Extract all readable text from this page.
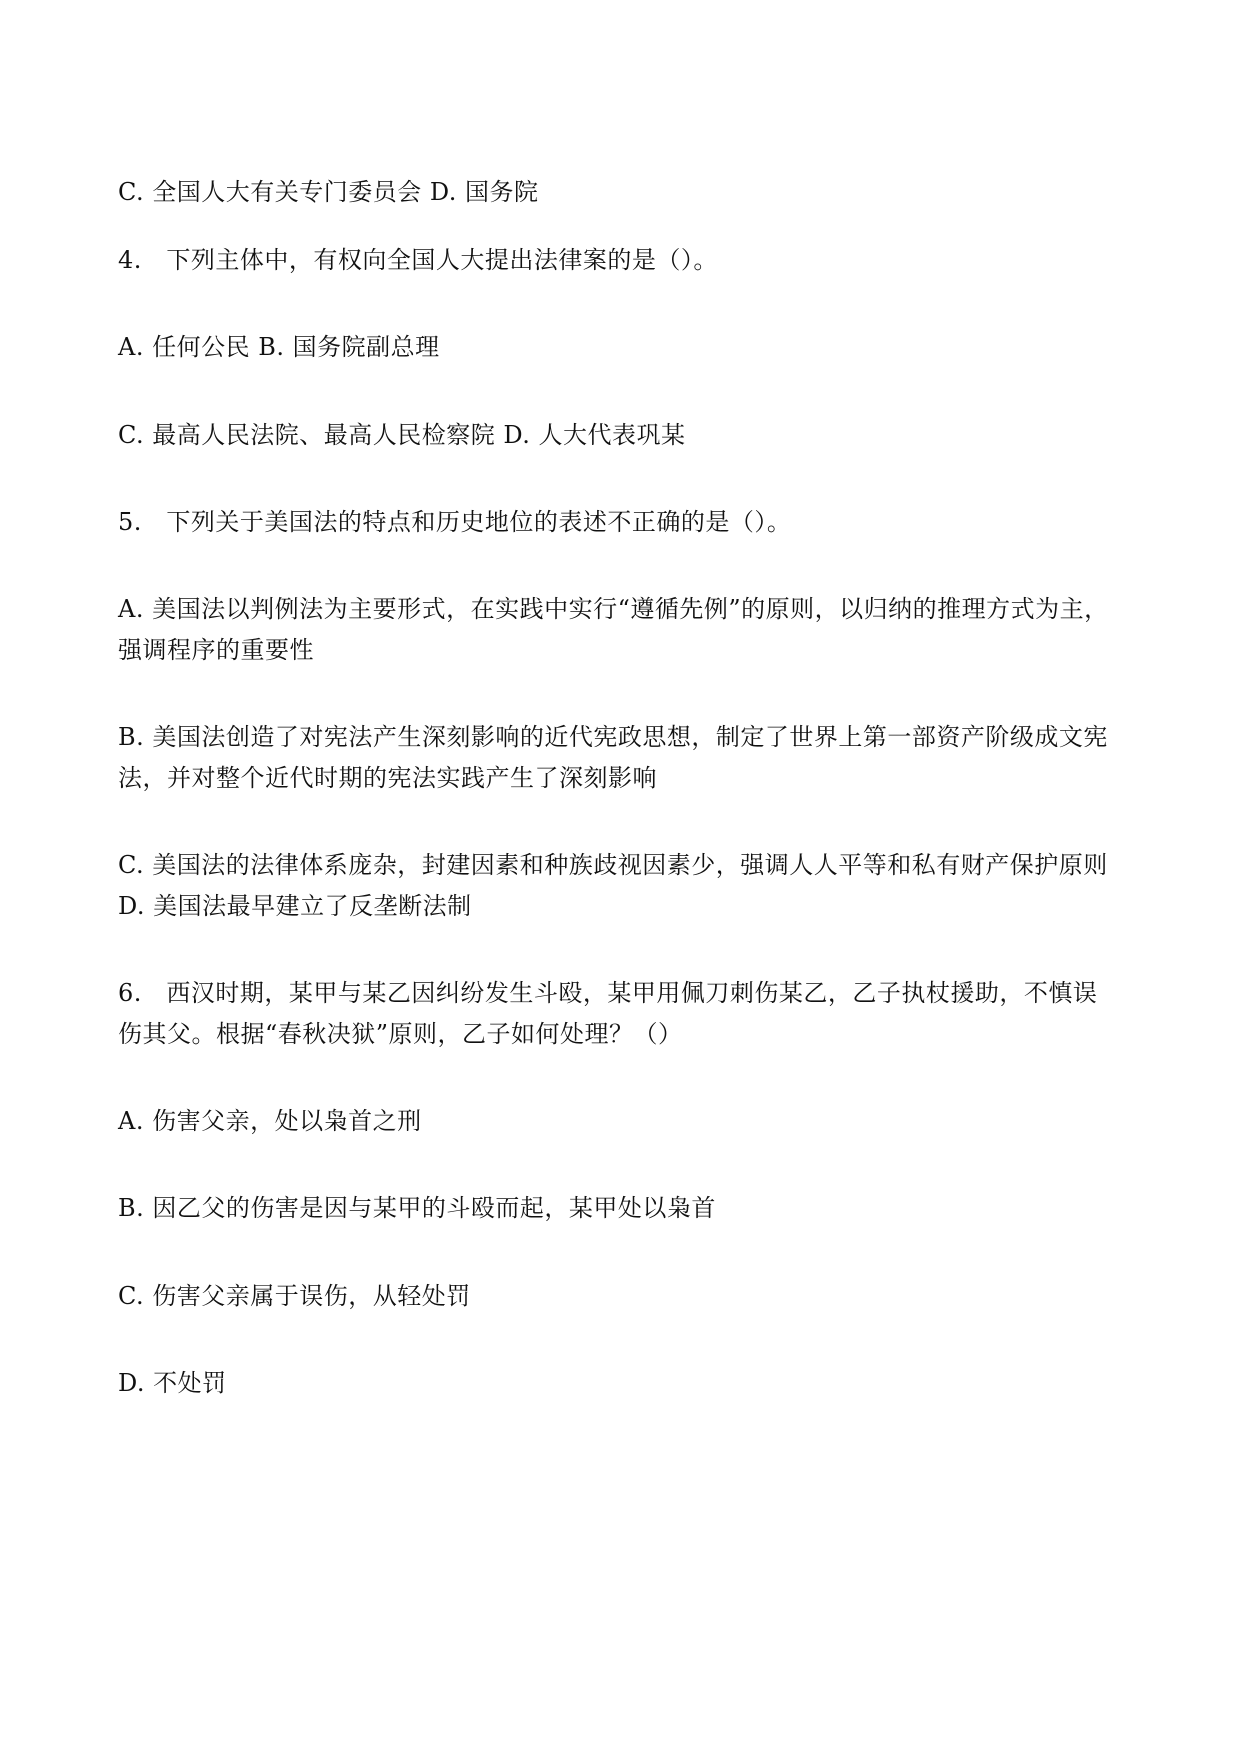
C. 全国人大有关专门委员会 D. 国务院
4.　下列主体中，有权向全国人大提出法律案的是（）。
A. 任何公民 B. 国务院副总理
C. 最高人民法院、最高人民检察院 D. 人大代表巩某
5.　下列关于美国法的特点和历史地位的表述不正确的是（）。
A. 美国法以判例法为主要形式，在实践中实行“遵循先例”的原则，以归纳的推理方式为主，
强调程序的重要性
B. 美国法创造了对宪法产生深刻影响的近代宪政思想，制定了世界上第一部资产阶级成文宪
法，并对整个近代时期的宪法实践产生了深刻影响
C. 美国法的法律体系庞杂，封建因素和种族歧视因素少，强调人人平等和私有财产保护原则
D. 美国法最早建立了反垄断法制
6.　西汉时期，某甲与某乙因纠纷发生斗殴，某甲用佩刀刺伤某乙，乙子执杖援助，不慎误
伤其父。根据“春秋决狱”原则，乙子如何处理？（）
A. 伤害父亲，处以枭首之刑
B. 因乙父的伤害是因与某甲的斗殴而起，某甲处以枭首
C. 伤害父亲属于误伤，从轻处罚
D. 不处罚
